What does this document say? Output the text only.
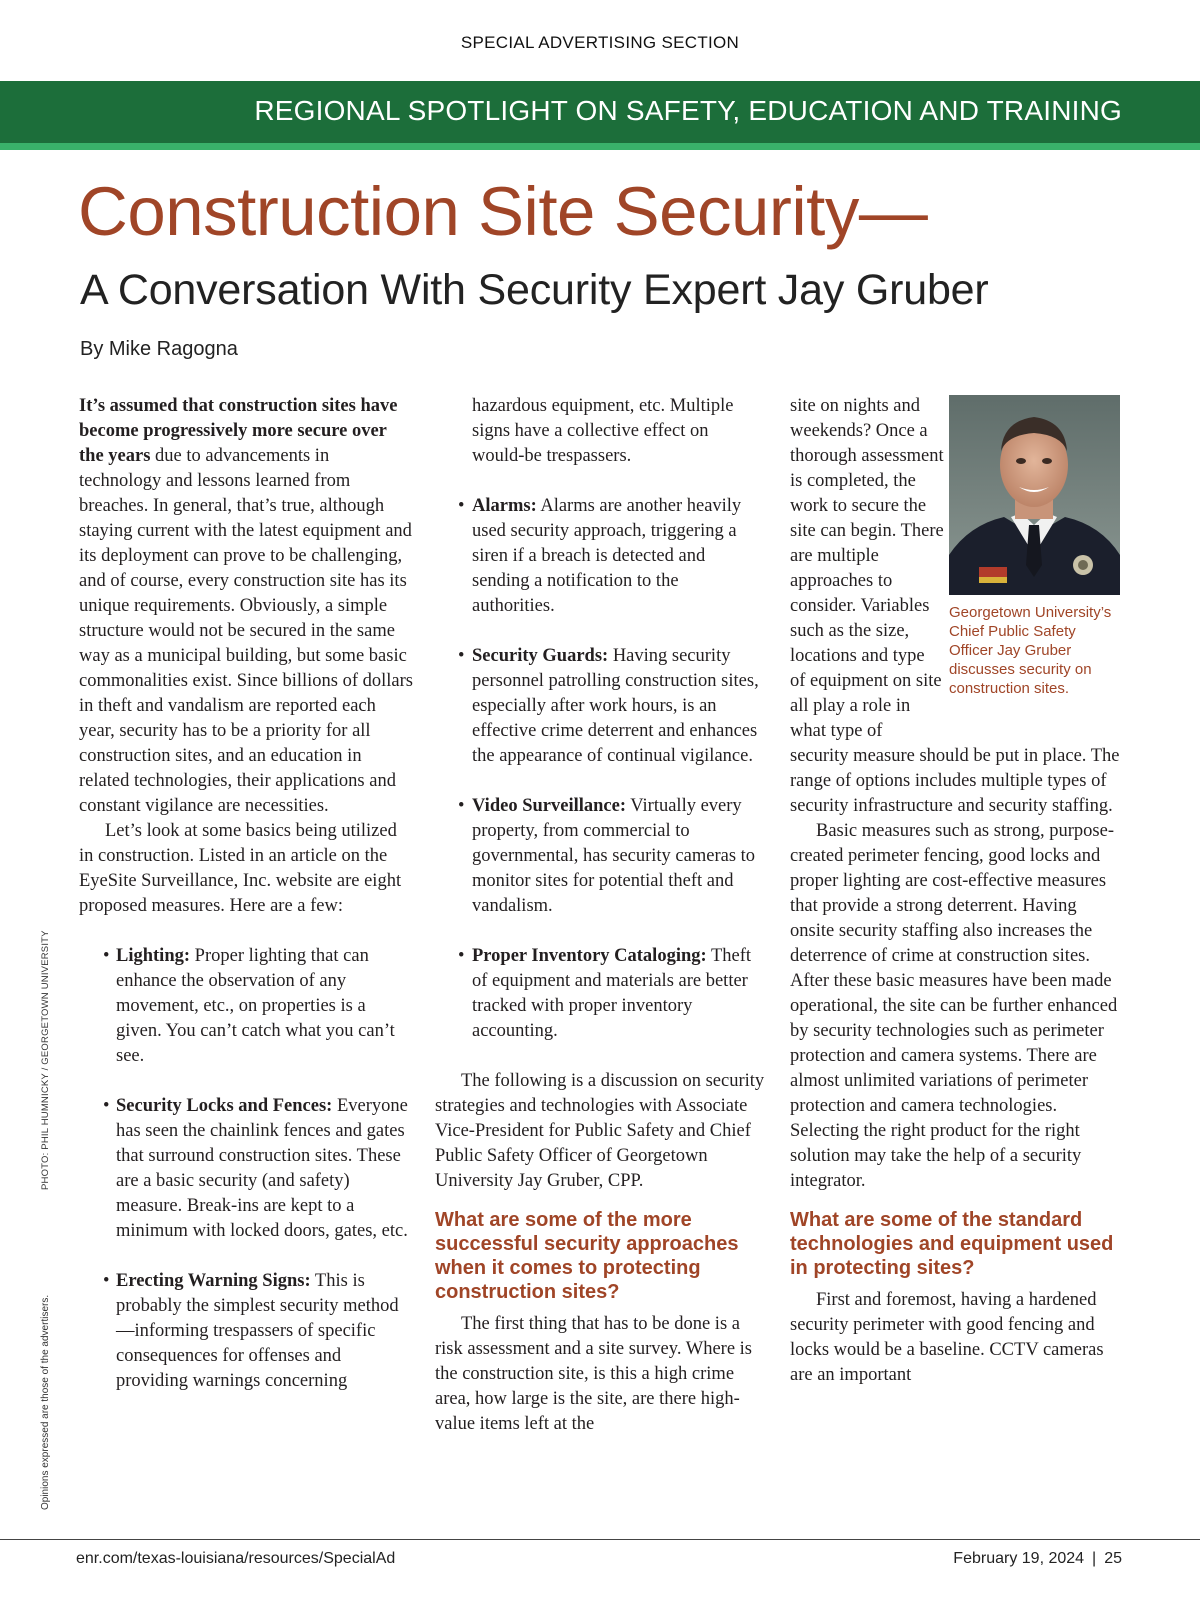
SPECIAL ADVERTISING SECTION
REGIONAL SPOTLIGHT ON SAFETY, EDUCATION AND TRAINING
Construction Site Security—
A Conversation With Security Expert Jay Gruber
By Mike Ragogna

It’s assumed that construction sites have become progressively more secure over the years due to advancements in technology and lessons learned from breaches. In general, that’s true, although staying current with the latest equipment and its deployment can prove to be challenging, and of course, every construction site has its unique requirements. Obviously, a simple structure would not be secured in the same way as a municipal building, but some basic commonalities exist. Since billions of dollars in theft and vandalism are reported each year, security has to be a priority for all construction sites, and an education in related technologies, their applications and constant vigilance are necessities.

Let’s look at some basics being utilized in construction. Listed in an article on the EyeSite Surveillance, Inc. website are eight proposed measures. Here are a few:

• Lighting: Proper lighting that can enhance the observation of any movement, etc., on properties is a given. You can’t catch what you can’t see.
• Security Locks and Fences: Everyone has seen the chainlink fences and gates that surround construction sites. These are a basic security (and safety) measure. Break-ins are kept to a minimum with locked doors, gates, etc.
• Erecting Warning Signs: This is probably the simplest security method—informing trespassers of specific consequences for offenses and providing warnings concerning
hazardous equipment, etc. Multiple signs have a collective effect on would-be trespassers.
• Alarms: Alarms are another heavily used security approach, triggering a siren if a breach is detected and sending a notification to the authorities.
• Security Guards: Having security personnel patrolling construction sites, especially after work hours, is an effective crime deterrent and enhances the appearance of continual vigilance.
• Video Surveillance: Virtually every property, from commercial to governmental, has security cameras to monitor sites for potential theft and vandalism.
• Proper Inventory Cataloging: Theft of equipment and materials are better tracked with proper inventory accounting.

The following is a discussion on security strategies and technologies with Associate Vice-President for Public Safety and Chief Public Safety Officer of Georgetown University Jay Gruber, CPP.

What are some of the more successful security approaches when it comes to protecting construction sites?

The first thing that has to be done is a risk assessment and a site survey. Where is the construction site, is this a high crime area, how large is the site, are there high-value items left at the

Georgetown University’s Chief Public Safety Officer Jay Gruber discusses security on construction sites.

site on nights and weekends? Once a thorough assessment is completed, the work to secure the site can begin. There are multiple approaches to consider. Variables such as the size, locations and type of equipment on site all play a role in what type of security measure should be put in place. The range of options includes multiple types of security infrastructure and security staffing.

Basic measures such as strong, purpose-created perimeter fencing, good locks and proper lighting are cost-effective measures that provide a strong deterrent. Having onsite security staffing also increases the deterrence of crime at construction sites. After these basic measures have been made operational, the site can be further enhanced by security technologies such as perimeter protection and camera systems. There are almost unlimited variations of perimeter protection and camera technologies. Selecting the right product for the right solution may take the help of a security integrator.

What are some of the standard technologies and equipment used in protecting sites?

First and foremost, having a hardened security perimeter with good fencing and locks would be a baseline. CCTV cameras are an important

PHOTO: PHIL HUMNICKY / GEORGETOWN UNIVERSITY
Opinions expressed are those of the advertisers.
enr.com/texas-louisiana/resources/SpecialAd	February 19, 2024 | 25
